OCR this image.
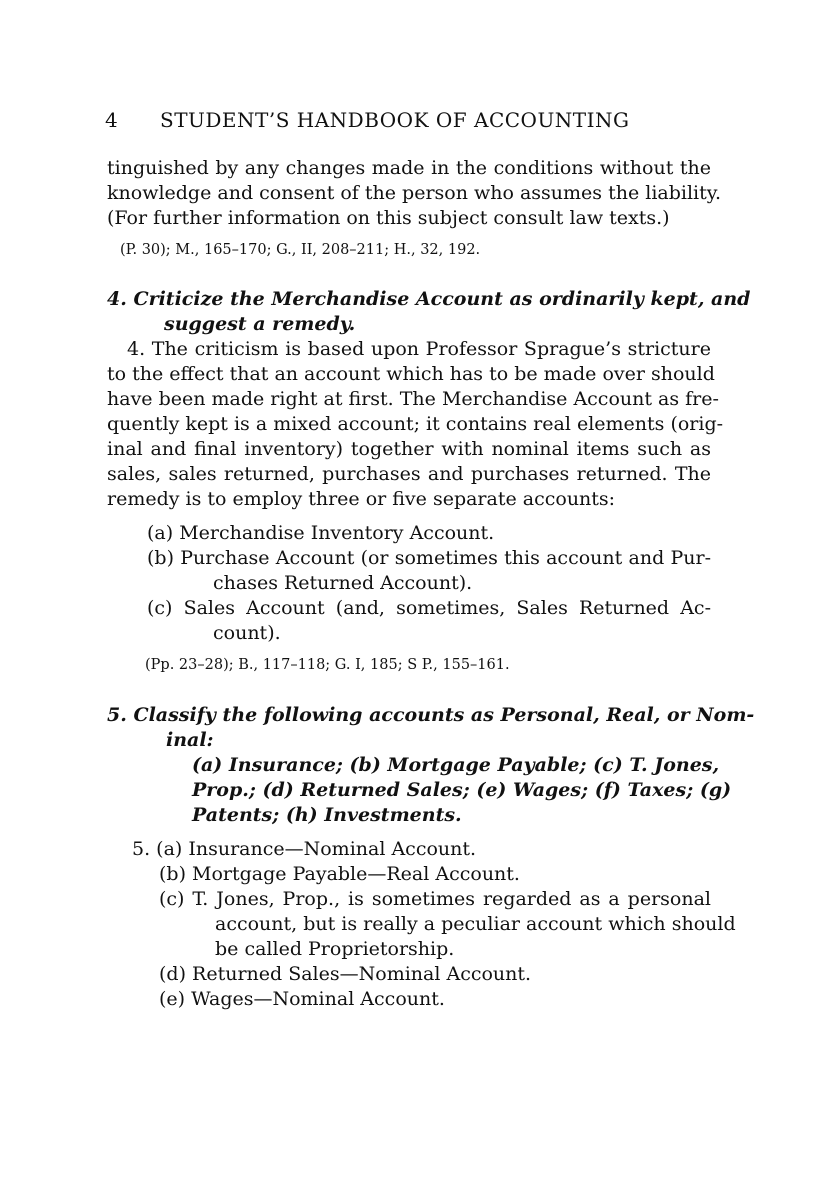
4 STUDENT’S HANDBOOK OF ACCOUNTING
tinguished by any changes made in the conditions without the
knowledge and consent of the person who assumes the liability.
(For further information on this subject consult law texts.)
(P. 30); M., 165–170; G., II, 208–211; H., 32, 192.
4. Criticize the Merchandise Account as ordinarily kept, and
suggest a remedy.
4. The criticism is based upon Professor Sprague’s stricture
to the effect that an account which has to be made over should
have been made right at first. The Merchandise Account as fre-
quently kept is a mixed account; it contains real elements (orig-
inal and final inventory) together with nominal items such as
sales, sales returned, purchases and purchases returned. The
remedy is to employ three or five separate accounts:
(a) Merchandise Inventory Account.
(b) Purchase Account (or sometimes this account and Pur-
chases Returned Account).
(c) Sales Account (and, sometimes, Sales Returned Ac-
count).
(Pp. 23–28); B., 117–118; G. I, 185; S P., 155–161.
5. Classify the following accounts as Personal, Real, or Nom-
inal:
(a) Insurance; (b) Mortgage Payable; (c) T. Jones,
Prop.; (d) Returned Sales; (e) Wages; (f) Taxes; (g)
Patents; (h) Investments.
5. (a) Insurance—Nominal Account.
(b) Mortgage Payable—Real Account.
(c) T. Jones, Prop., is sometimes regarded as a personal
account, but is really a peculiar account which should
be called Proprietorship.
(d) Returned Sales—Nominal Account.
(e) Wages—Nominal Account.
